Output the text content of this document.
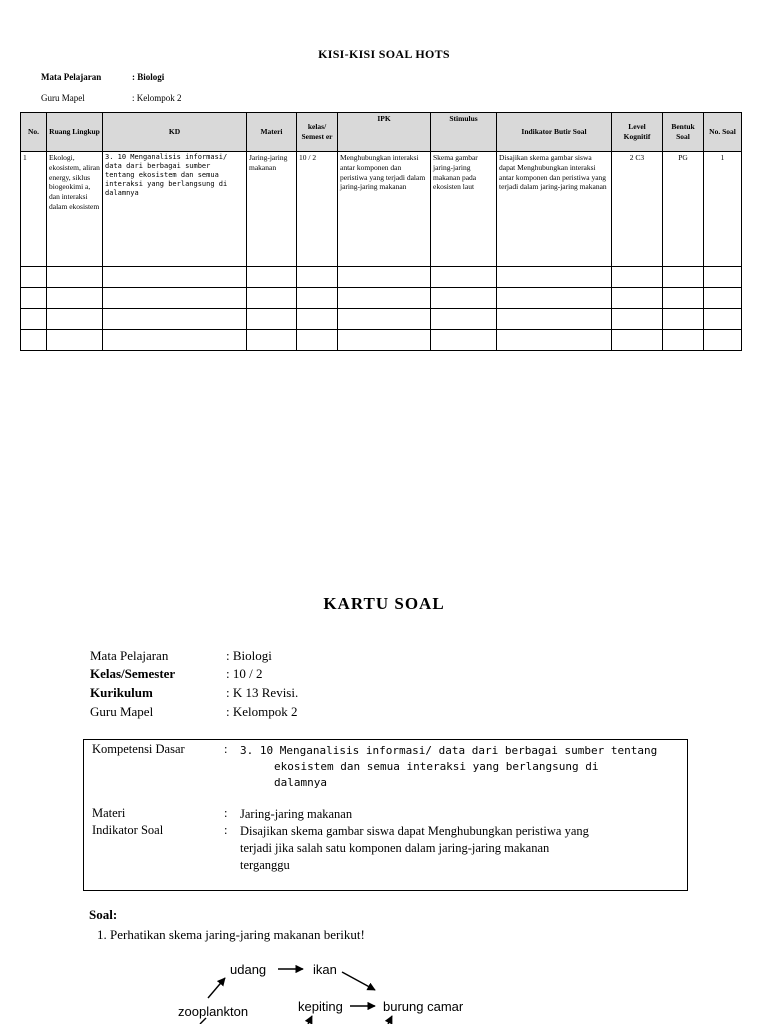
KISI-KISI SOAL HOTS
Mata Pelajaran	: Biologi
Guru Mapel	: Kelompok 2
No.	Ruang Lingkup	KD	Materi	kelas/ Semest er	IPK	Stimulus	Indikator Butir Soal	Level Kognitif	Bentuk Soal	No. Soal
1	Ekologi, ekosistem, aliran energy, siklus biogeokimi a, dan interaksi dalam ekosistem	3. 10 Menganalisis informasi/ data dari berbagai sumber tentang ekosistem dan semua interaksi yang berlangsung di dalamnya	Jaring-jaring makanan	10 / 2	Menghubungkan interaksi antar komponen dan peristiwa yang terjadi dalam jaring-jaring makanan	Skema gambar jaring-jaring makanan pada ekosisten laut	Disajikan skema gambar siswa dapat Menghubungkan interaksi antar komponen dan peristiwa yang terjadi dalam jaring-jaring makanan	2 C3	PG	1

KARTU SOAL
Mata Pelajaran	: Biologi
Kelas/Semester	: 10 / 2
Kurikulum	: K 13 Revisi.
Guru Mapel	: Kelompok 2
Kompetensi Dasar	: 3. 10 Menganalisis informasi/ data dari berbagai sumber tentang
ekosistem dan semua interaksi yang berlangsung di
dalamnya
Materi	: Jaring-jaring makanan
Indikator Soal	: Disajikan skema gambar siswa dapat Menghubungkan peristiwa yang
terjadi jika salah satu komponen dalam jaring-jaring makanan
terganggu
Soal:
1. Perhatikan skema jaring-jaring makanan berikut!
udang	ikan
zooplankton	kepiting	burung camar
